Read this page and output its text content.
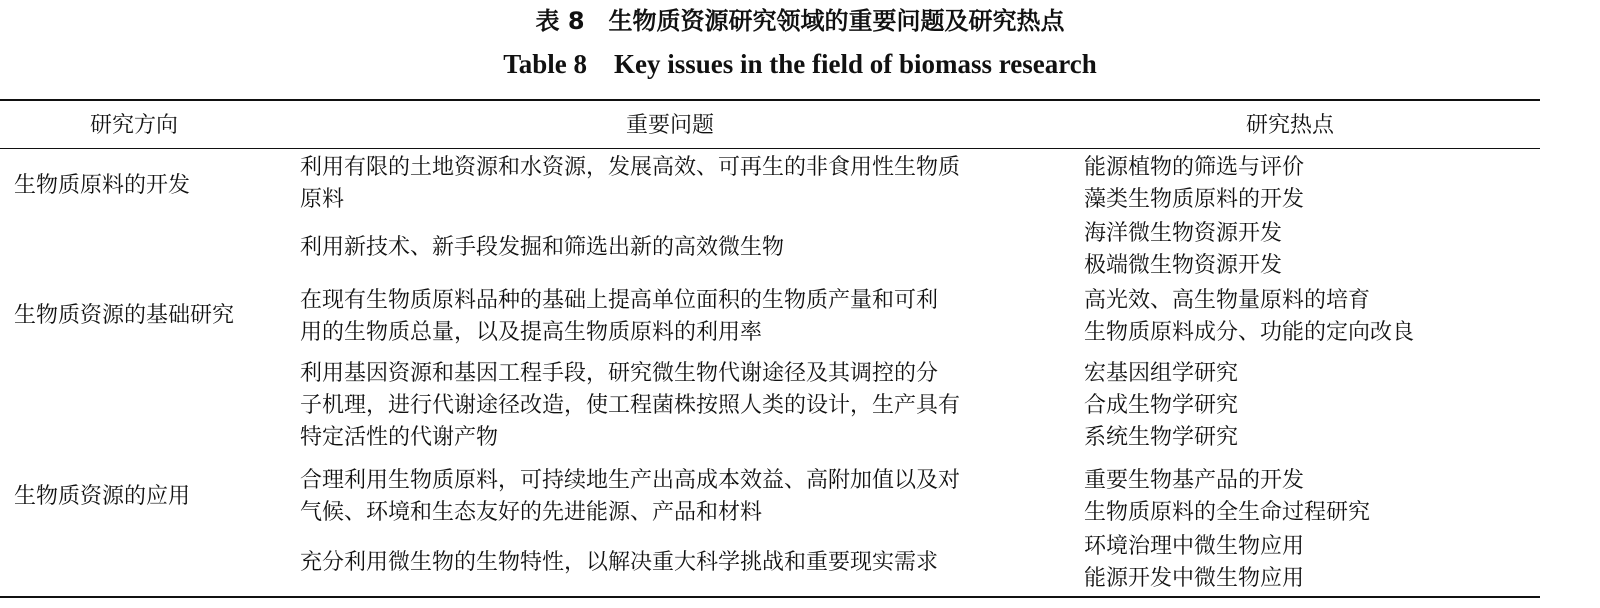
表 8　生物质资源研究领域的重要问题及研究热点
Table 8　Key issues in the field of biomass research
研究方向	重要问题	研究热点
生物质原料的开发
生物质资源的基础研究
生物质资源的应用
利用有限的土地资源和水资源，发展高效、可再生的非食用性生物质
原料
利用新技术、新手段发掘和筛选出新的高效微生物
在现有生物质原料品种的基础上提高单位面积的生物质产量和可利
用的生物质总量，以及提高生物质原料的利用率
利用基因资源和基因工程手段，研究微生物代谢途径及其调控的分
子机理，进行代谢途径改造，使工程菌株按照人类的设计，生产具有
特定活性的代谢产物
合理利用生物质原料，可持续地生产出高成本效益、高附加值以及对
气候、环境和生态友好的先进能源、产品和材料
充分利用微生物的生物特性，以解决重大科学挑战和重要现实需求
能源植物的筛选与评价
藻类生物质原料的开发
海洋微生物资源开发
极端微生物资源开发
高光效、高生物量原料的培育
生物质原料成分、功能的定向改良
宏基因组学研究
合成生物学研究
系统生物学研究
重要生物基产品的开发
生物质原料的全生命过程研究
环境治理中微生物应用
能源开发中微生物应用
